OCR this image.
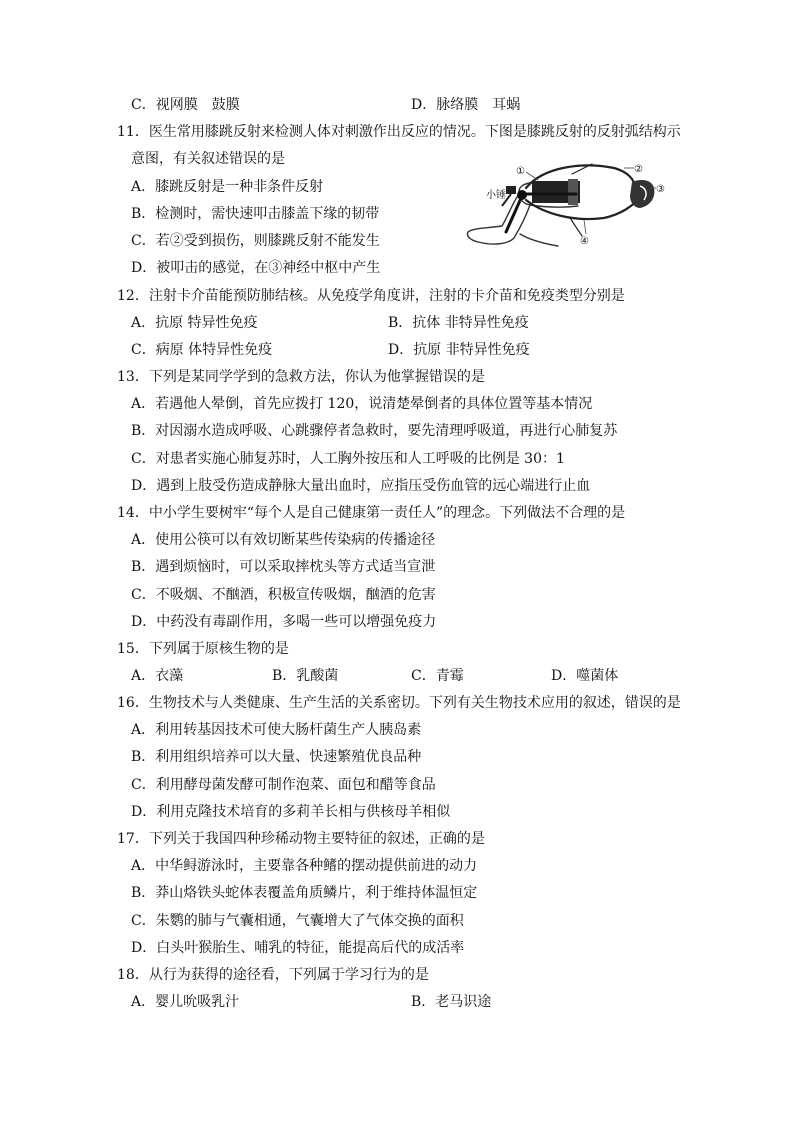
C．视网膜　鼓膜	D．脉络膜　耳蜗
11．医生常用膝跳反射来检测人体对刺激作出反应的情况。下图是膝跳反射的反射弧结构示
意图，有关叙述错误的是
A．膝跳反射是一种非条件反射
B．检测时，需快速叩击膝盖下缘的韧带
C．若②受到损伤，则膝跳反射不能发生
D．被叩击的感觉，在③神经中枢中产生
小锤
①	②
③
④
12．注射卡介苗能预防肺结核。从免疫学角度讲，注射的卡介苗和免疫类型分别是
A．抗原 特异性免疫	B．抗体 非特异性免疫
C．病原 体特异性免疫	D．抗原 非特异性免疫
13．下列是某同学学到的急救方法，你认为他掌握错误的是
A．若遇他人晕倒，首先应拨打 120，说清楚晕倒者的具体位置等基本情况
B．对因溺水造成呼吸、心跳骤停者急救时，要先清理呼吸道，再进行心肺复苏
C．对患者实施心肺复苏时，人工胸外按压和人工呼吸的比例是 30：1
D．遇到上肢受伤造成静脉大量出血时，应指压受伤血管的远心端进行止血
14．中小学生要树牢“每个人是自己健康第一责任人”的理念。下列做法不合理的是
A．使用公筷可以有效切断某些传染病的传播途径
B．遇到烦恼时，可以采取摔枕头等方式适当宣泄
C．不吸烟、不酗酒，积极宣传吸烟，酗酒的危害
D．中药没有毒副作用，多喝一些可以增强免疫力
15．下列属于原核生物的是
A．衣藻	B．乳酸菌	C．青霉	D．噬菌体
16．生物技术与人类健康、生产生活的关系密切。下列有关生物技术应用的叙述，错误的是
A．利用转基因技术可使大肠杆菌生产人胰岛素
B．利用组织培养可以大量、快速繁殖优良品种
C．利用酵母菌发酵可制作泡菜、面包和醋等食品
D．利用克隆技术培育的多莉羊长相与供核母羊相似
17．下列关于我国四种珍稀动物主要特征的叙述，正确的是
A．中华鲟游泳时，主要靠各种鳍的摆动提供前进的动力
B．莽山烙铁头蛇体表覆盖角质鳞片，利于维持体温恒定
C．朱鹦的肺与气囊相通，气囊增大了气体交换的面积
D．白头叶猴胎生、哺乳的特征，能提高后代的成活率
18．从行为获得的途径看，下列属于学习行为的是
A．婴儿吮吸乳汁	B．老马识途
